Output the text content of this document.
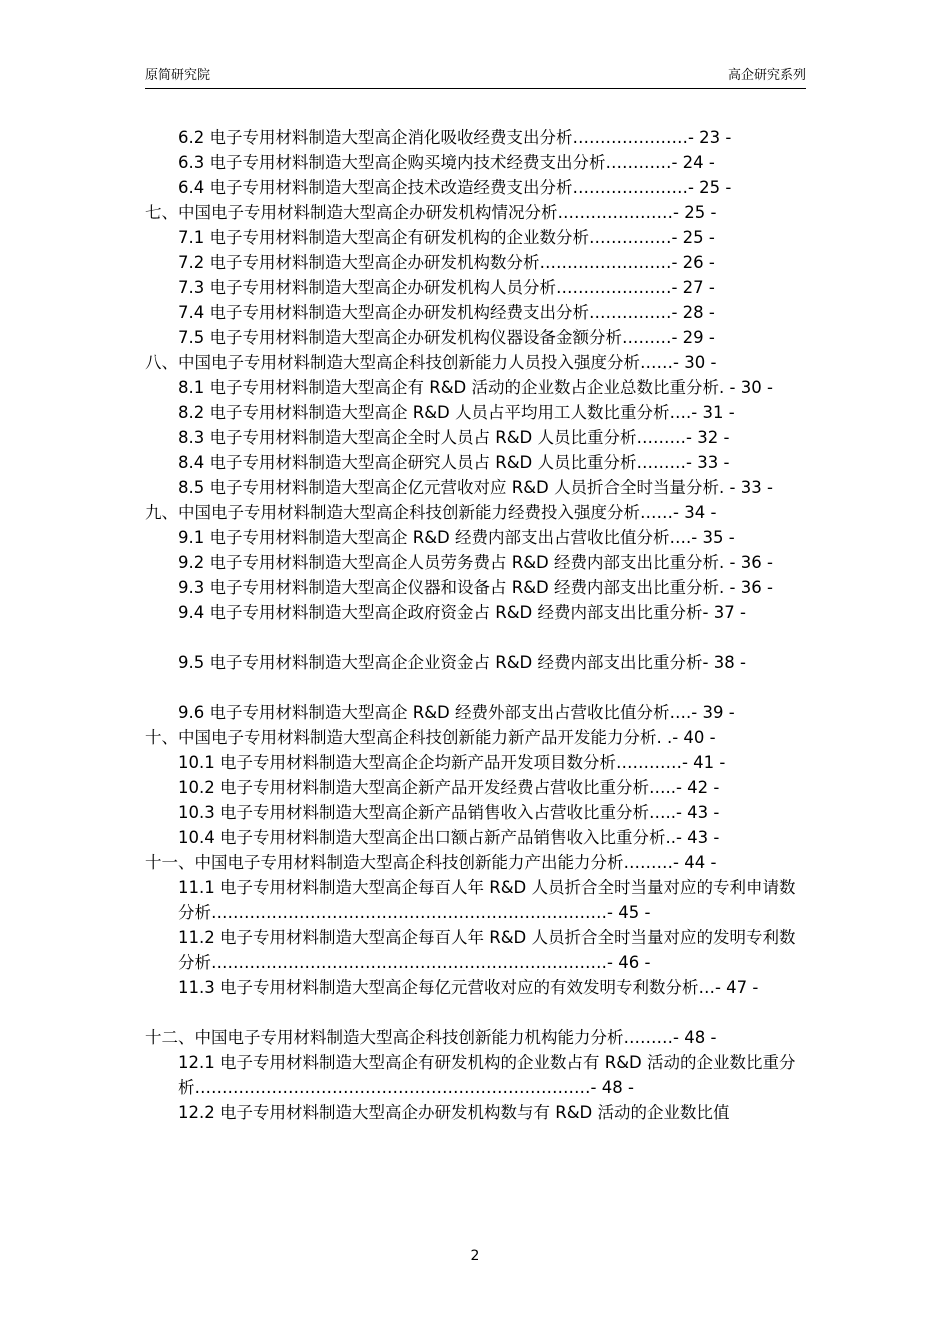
原简研究院	高企研究系列
6.2 电子专用材料制造大型高企消化吸收经费支出分析…………………- 23 -
6.3 电子专用材料制造大型高企购买境内技术经费支出分析…………- 24 -
6.4 电子专用材料制造大型高企技术改造经费支出分析…………………- 25 -
七、中国电子专用材料制造大型高企办研发机构情况分析…………………- 25 -
7.1 电子专用材料制造大型高企有研发机构的企业数分析……………- 25 -
7.2 电子专用材料制造大型高企办研发机构数分析……………………- 26 -
7.3 电子专用材料制造大型高企办研发机构人员分析…………………- 27 -
7.4 电子专用材料制造大型高企办研发机构经费支出分析……………- 28 -
7.5 电子专用材料制造大型高企办研发机构仪器设备金额分析………- 29 -
八、中国电子专用材料制造大型高企科技创新能力人员投入强度分析……- 30 -
8.1 电子专用材料制造大型高企有 R&D 活动的企业数占企业总数比重分析. - 30 -
8.2 电子专用材料制造大型高企 R&D 人员占平均用工人数比重分析….- 31 -
8.3 电子专用材料制造大型高企全时人员占 R&D 人员比重分析………- 32 -
8.4 电子专用材料制造大型高企研究人员占 R&D 人员比重分析………- 33 -
8.5 电子专用材料制造大型高企亿元营收对应 R&D 人员折合全时当量分析. - 33 -
九、中国电子专用材料制造大型高企科技创新能力经费投入强度分析……- 34 -
9.1 电子专用材料制造大型高企 R&D 经费内部支出占营收比值分析….- 35 -
9.2 电子专用材料制造大型高企人员劳务费占 R&D 经费内部支出比重分析. - 36 -
9.3 电子专用材料制造大型高企仪器和设备占 R&D 经费内部支出比重分析. - 36 -
9.4 电子专用材料制造大型高企政府资金占 R&D 经费内部支出比重分析- 37 -
9.5 电子专用材料制造大型高企企业资金占 R&D 经费内部支出比重分析- 38 -
9.6 电子专用材料制造大型高企 R&D 经费外部支出占营收比值分析….- 39 -
十、中国电子专用材料制造大型高企科技创新能力新产品开发能力分析. .- 40 -
10.1 电子专用材料制造大型高企企均新产品开发项目数分析…………- 41 -
10.2 电子专用材料制造大型高企新产品开发经费占营收比重分析…..- 42 -
10.3 电子专用材料制造大型高企新产品销售收入占营收比重分析…..- 43 -
10.4 电子专用材料制造大型高企出口额占新产品销售收入比重分析..- 43 -
十一、中国电子专用材料制造大型高企科技创新能力产出能力分析………- 44 -
11.1 电子专用材料制造大型高企每百人年 R&D 人员折合全时当量对应的专利申请数分析………………………………………………………………- 45 -
11.2 电子专用材料制造大型高企每百人年 R&D 人员折合全时当量对应的发明专利数分析………………………………………………………………- 46 -
11.3 电子专用材料制造大型高企每亿元营收对应的有效发明专利数分析…- 47 -
十二、中国电子专用材料制造大型高企科技创新能力机构能力分析………- 48 -
12.1 电子专用材料制造大型高企有研发机构的企业数占有 R&D 活动的企业数比重分析………………………………………………………………- 48 -
12.2 电子专用材料制造大型高企办研发机构数与有 R&D 活动的企业数比值
2
